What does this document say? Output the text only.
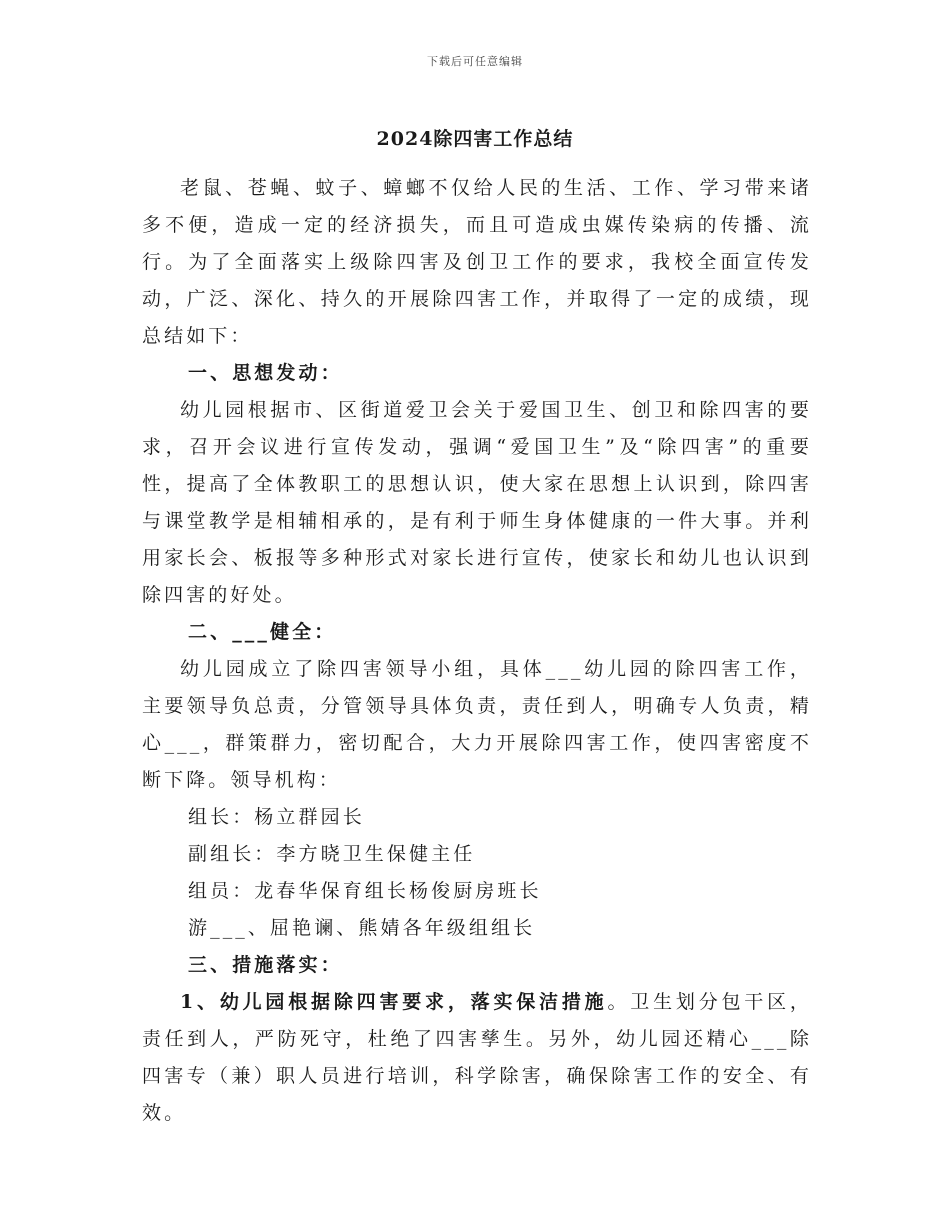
下载后可任意编辑
2024除四害工作总结

老鼠、苍蝇、蚊子、蟑螂不仅给人民的生活、工作、学习带来诸多不便，造成一定的经济损失，而且可造成虫媒传染病的传播、流行。为了全面落实上级除四害及创卫工作的要求，我校全面宣传发动，广泛、深化、持久的开展除四害工作，并取得了一定的成绩，现总结如下：

一、思想发动：

幼儿园根据市、区街道爱卫会关于爱国卫生、创卫和除四害的要求，召开会议进行宣传发动，强调“爱国卫生”及“除四害”的重要性，提高了全体教职工的思想认识，使大家在思想上认识到，除四害与课堂教学是相辅相承的，是有利于师生身体健康的一件大事。并利用家长会、板报等多种形式对家长进行宣传，使家长和幼儿也认识到除四害的好处。

二、___健全：

幼儿园成立了除四害领导小组，具体___幼儿园的除四害工作，主要领导负总责，分管领导具体负责，责任到人，明确专人负责，精心___，群策群力，密切配合，大力开展除四害工作，使四害密度不断下降。领导机构：

组长：杨立群园长

副组长：李方晓卫生保健主任

组员：龙春华保育组长杨俊厨房班长

游___、屈艳谰、熊婧各年级组组长

三、措施落实：

1、幼儿园根据除四害要求，落实保洁措施。卫生划分包干区，责任到人，严防死守，杜绝了四害孳生。另外，幼儿园还精心___除四害专（兼）职人员进行培训，科学除害，确保除害工作的安全、有效。
